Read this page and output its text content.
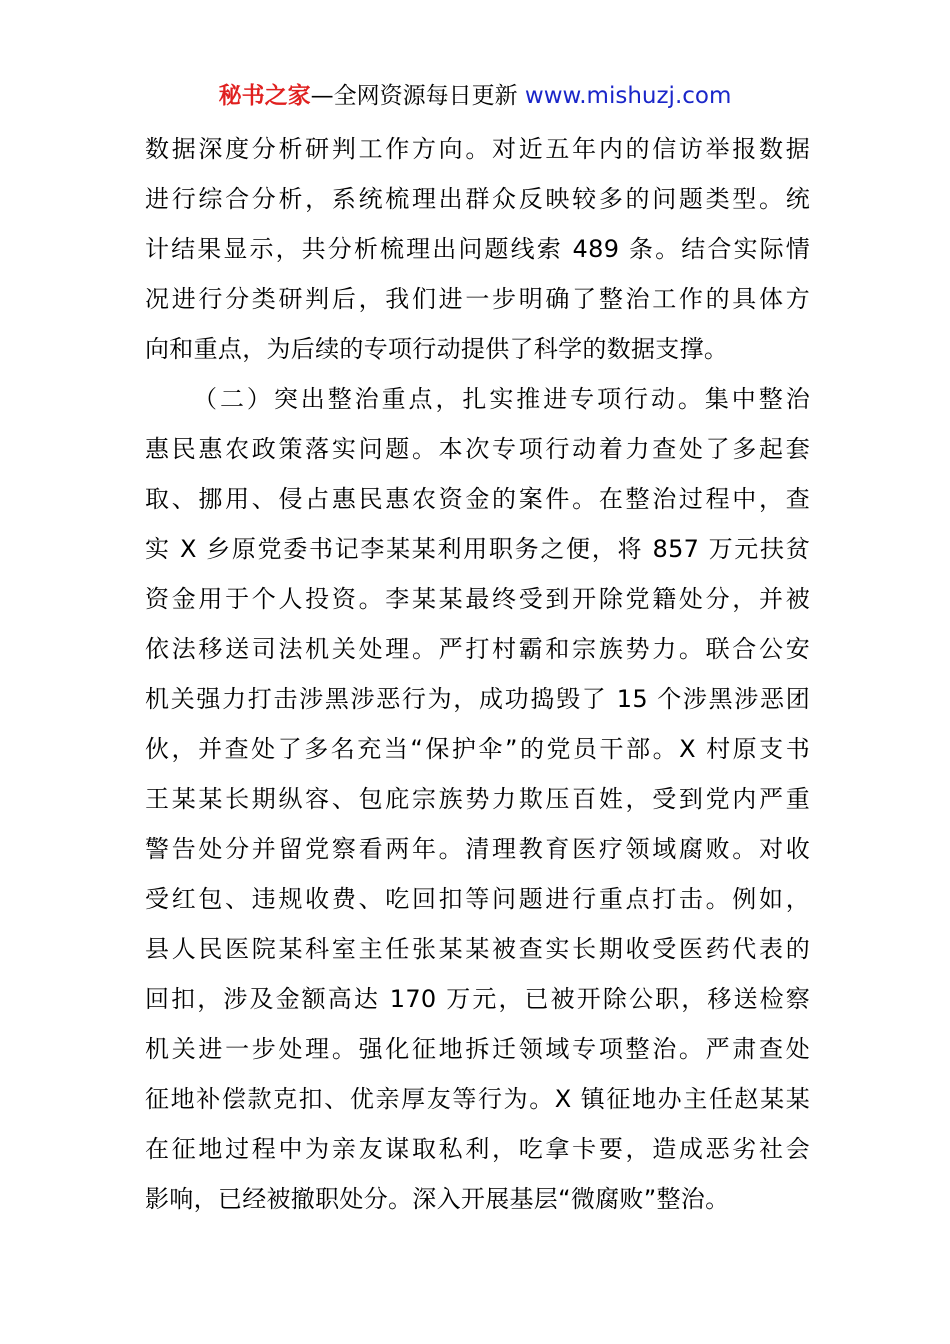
秘书之家—全网资源每日更新 www.mishuzj.com
数据深度分析研判工作方向。对近五年内的信访举报数据
进行综合分析，系统梳理出群众反映较多的问题类型。统
计结果显示，共分析梳理出问题线索 489 条。结合实际情
况进行分类研判后，我们进一步明确了整治工作的具体方
向和重点，为后续的专项行动提供了科学的数据支撑。
（二）突出整治重点，扎实推进专项行动。集中整治
惠民惠农政策落实问题。本次专项行动着力查处了多起套
取、挪用、侵占惠民惠农资金的案件。在整治过程中，查
实 X 乡原党委书记李某某利用职务之便，将 857 万元扶贫
资金用于个人投资。李某某最终受到开除党籍处分，并被
依法移送司法机关处理。严打村霸和宗族势力。联合公安
机关强力打击涉黑涉恶行为，成功捣毁了 15 个涉黑涉恶团
伙，并查处了多名充当“保护伞”的党员干部。X 村原支书
王某某长期纵容、包庇宗族势力欺压百姓，受到党内严重
警告处分并留党察看两年。清理教育医疗领域腐败。对收
受红包、违规收费、吃回扣等问题进行重点打击。例如，
县人民医院某科室主任张某某被查实长期收受医药代表的
回扣，涉及金额高达 170 万元，已被开除公职，移送检察
机关进一步处理。强化征地拆迁领域专项整治。严肃查处
征地补偿款克扣、优亲厚友等行为。X 镇征地办主任赵某某
在征地过程中为亲友谋取私利，吃拿卡要，造成恶劣社会
影响，已经被撤职处分。深入开展基层“微腐败”整治。
